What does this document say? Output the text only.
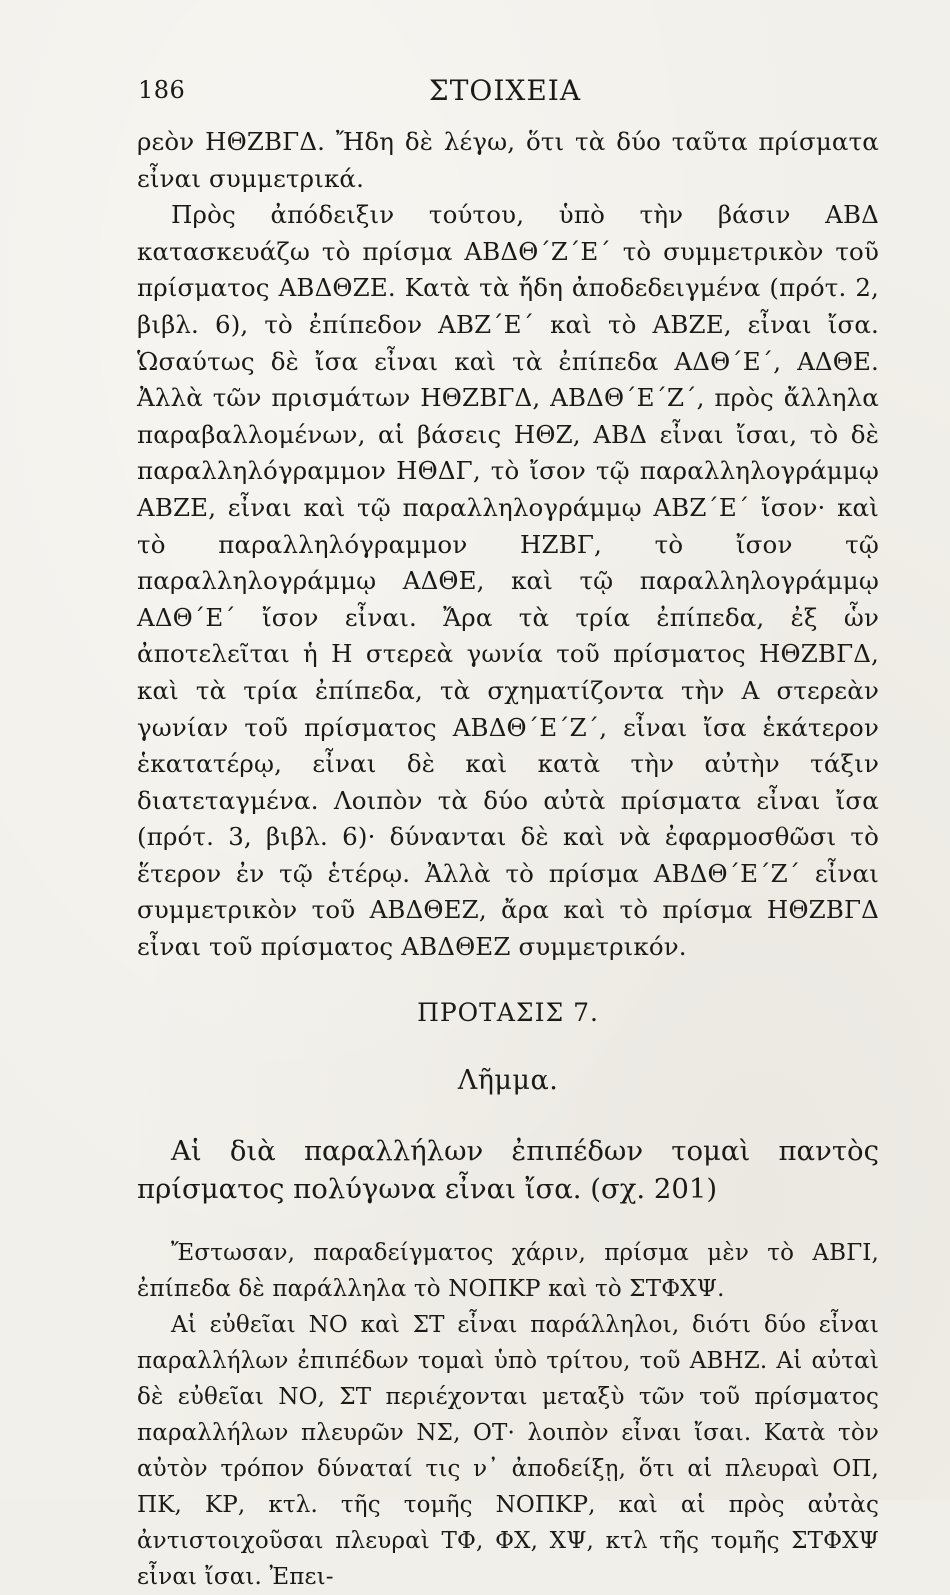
186	ΣΤΟΙΧΕΙΑ

ρεὸν ΗΘΖΒΓΔ. Ἤδη δὲ λέγω, ὅτι τὰ δύο ταῦτα πρίσματα εἶναι συμμετρικά.

Πρὸς ἀπόδειξιν τούτου, ὑπὸ τὴν βάσιν ΑΒΔ κατασκευάζω τὸ πρίσμα ΑΒΔΘ΄Ζ΄Ε΄ τὸ συμμετρικὸν τοῦ πρίσματος ΑΒΔΘΖΕ. Κατὰ τὰ ἤδη ἀποδεδειγμένα (πρότ. 2, βιβλ. 6), τὸ ἐπίπεδον ΑΒΖ΄Ε΄ καὶ τὸ ΑΒΖΕ, εἶναι ἴσα. Ὡσαύτως δὲ ἴσα εἶναι καὶ τὰ ἐπίπεδα ΑΔΘ΄Ε΄, ΑΔΘΕ. Ἀλλὰ τῶν πρισμάτων ΗΘΖΒΓΔ, ΑΒΔΘ΄Ε΄Ζ΄, πρὸς ἄλληλα παραβαλλομένων, αἱ βάσεις ΗΘΖ, ΑΒΔ εἶναι ἴσαι, τὸ δὲ παραλληλόγραμμον ΗΘΔΓ, τὸ ἴσον τῷ παραλληλογράμμῳ ΑΒΖΕ, εἶναι καὶ τῷ παραλληλογράμμῳ ΑΒΖ΄Ε΄ ἴσον· καὶ τὸ παραλληλόγραμμον ΗΖΒΓ, τὸ ἴσον τῷ παραλληλογράμμῳ ΑΔΘΕ, καὶ τῷ παραλληλογράμμῳ ΑΔΘ΄Ε΄ ἴσον εἶναι. Ἄρα τὰ τρία ἐπίπεδα, ἐξ ὧν ἀποτελεῖται ἡ Η στερεὰ γωνία τοῦ πρίσματος ΗΘΖΒΓΔ, καὶ τὰ τρία ἐπίπεδα, τὰ σχηματίζοντα τὴν Α στερεὰν γωνίαν τοῦ πρίσματος ΑΒΔΘ΄Ε΄Ζ΄, εἶναι ἴσα ἑκάτερον ἑκατατέρῳ, εἶναι δὲ καὶ κατὰ τὴν αὐτὴν τάξιν διατεταγμένα. Λοιπὸν τὰ δύο αὐτὰ πρίσματα εἶναι ἴσα (πρότ. 3, βιβλ. 6)· δύνανται δὲ καὶ νὰ ἐφαρμοσθῶσι τὸ ἕτερον ἐν τῷ ἑτέρῳ. Ἀλλὰ τὸ πρίσμα ΑΒΔΘ΄Ε΄Ζ΄ εἶναι συμμετρικὸν τοῦ ΑΒΔΘΕΖ, ἄρα καὶ τὸ πρίσμα ΗΘΖΒΓΔ εἶναι τοῦ πρίσματος ΑΒΔΘΕΖ συμμετρικόν.

ΠΡΟΤΑΣΙΣ 7.

Λῆμμα.

Αἱ διὰ παραλλήλων ἐπιπέδων τομαὶ παντὸς πρίσματος πολύγωνα εἶναι ἴσα. (σχ. 201)

Ἔστωσαν, παραδείγματος χάριν, πρίσμα μὲν τὸ ΑΒΓΙ, ἐπίπεδα δὲ παράλληλα τὸ ΝΟΠΚΡ καὶ τὸ ΣΤΦΧΨ.

Αἱ εὐθεῖαι ΝΟ καὶ ΣΤ εἶναι παράλληλοι, διότι δύο εἶναι παραλλήλων ἐπιπέδων τομαὶ ὑπὸ τρίτου, τοῦ ΑΒΗΖ. Αἱ αὐταὶ δὲ εὐθεῖαι ΝΟ, ΣΤ περιέχονται μεταξὺ τῶν τοῦ πρίσματος παραλλήλων πλευρῶν ΝΣ, ΟΤ· λοιπὸν εἶναι ἴσαι. Κατὰ τὸν αὐτὸν τρόπον δύναταί τις ν᾽ ἀποδείξῃ, ὅτι αἱ πλευραὶ ΟΠ, ΠΚ, ΚΡ, κτλ. τῆς τομῆς ΝΟΠΚΡ, καὶ αἱ πρὸς αὐτὰς ἀντιστοιχοῦσαι πλευραὶ ΤΦ, ΦΧ, ΧΨ, κτλ τῆς τομῆς ΣΤΦΧΨ εἶναι ἴσαι. Ἐπει-
